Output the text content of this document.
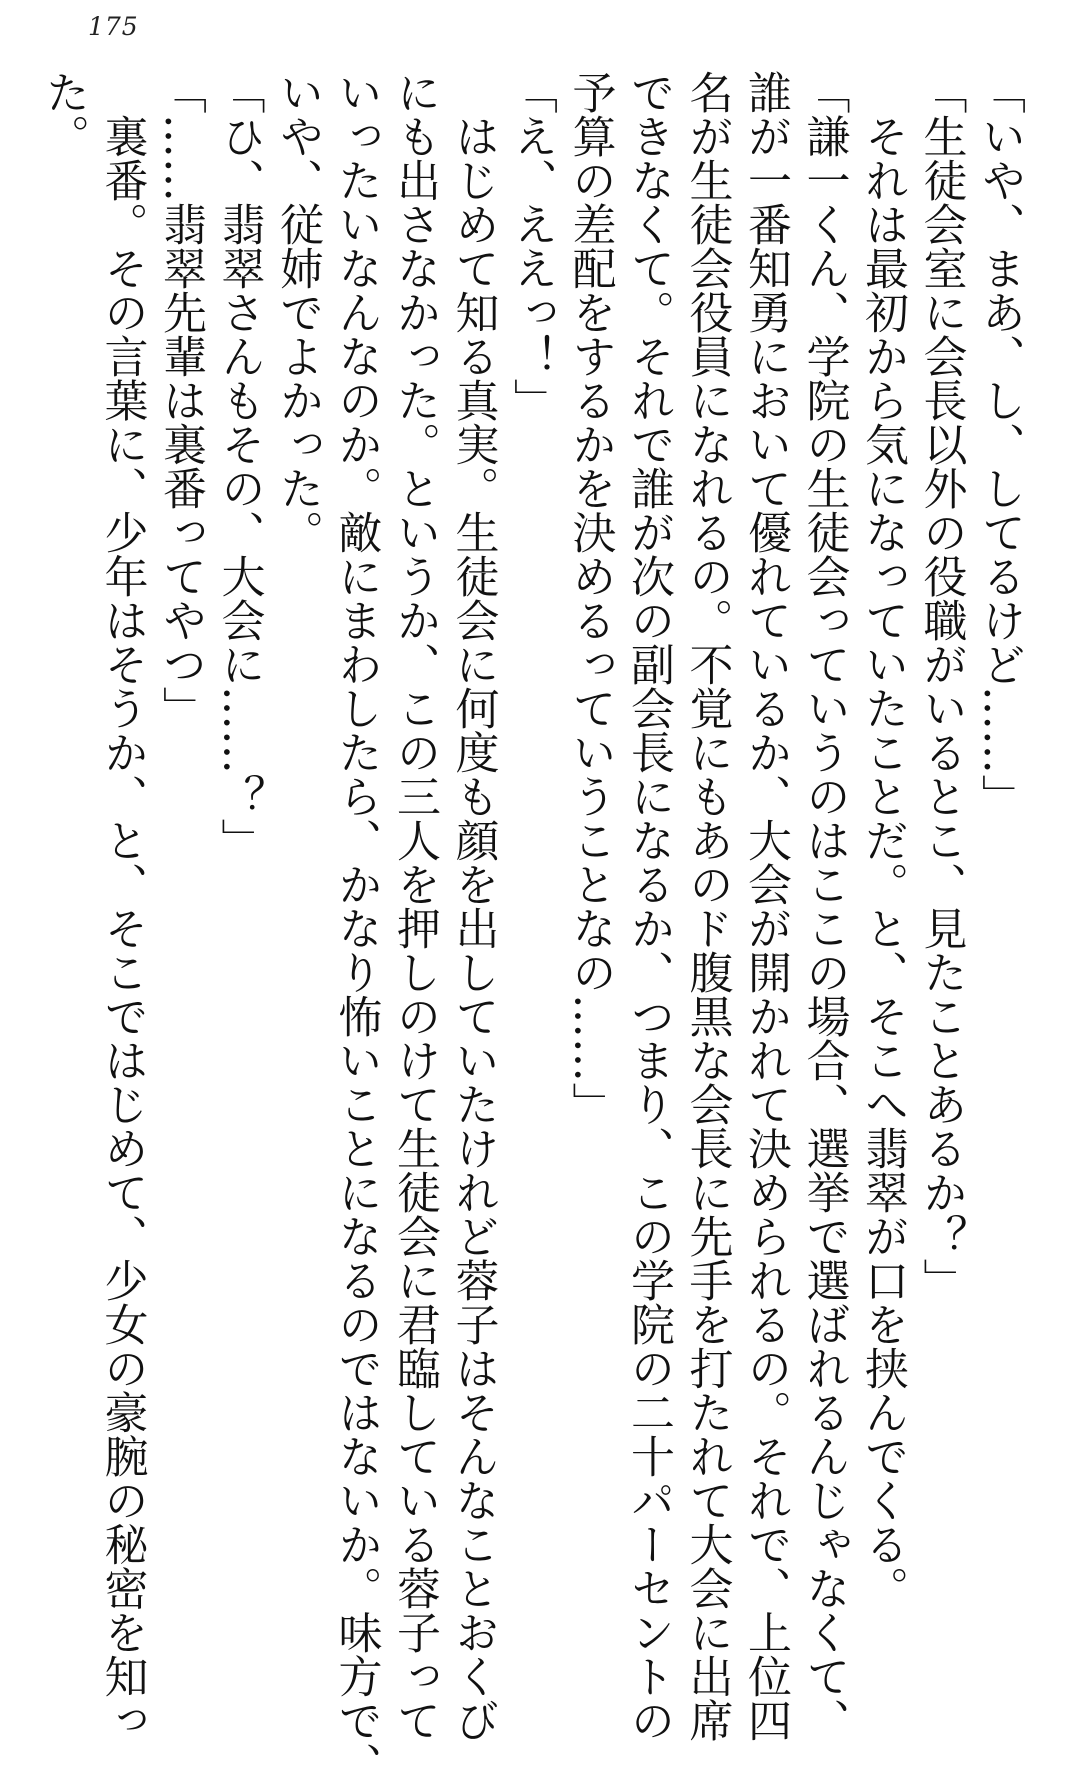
175
「いや、まあ、し、してるけど……」
「生徒会室に会長以外の役職がいるとこ、見たことあるか？」
　それは最初から気になっていたことだ。と、そこへ翡翠が口を挟んでくる。
「謙一くん、学院の生徒会っていうのはここの場合、選挙で選ばれるんじゃなくて、
誰が一番知勇において優れているか、大会が開かれて決められるの。それで、上位四
名が生徒会役員になれるの。不覚にもあのド腹黒な会長に先手を打たれて大会に出席
できなくて。それで誰が次の副会長になるか、つまり、この学院の二十パーセントの
予算の差配をするかを決めるっていうことなの……」
「え、ええっ！」
　はじめて知る真実。生徒会に何度も顔を出していたけれど蓉子はそんなことおくび
にも出さなかった。というか、この三人を押しのけて生徒会に君臨している蓉子って
いったいなんなのか。敵にまわしたら、かなり怖いことになるのではないか。味方で、
いや、従姉でよかった。
「ひ、翡翠さんもその、大会に……？」
「……翡翠先輩は裏番ってやつ」
　裏番。その言葉に、少年はそうか、と、そこではじめて、少女の豪腕の秘密を知っ
た。
